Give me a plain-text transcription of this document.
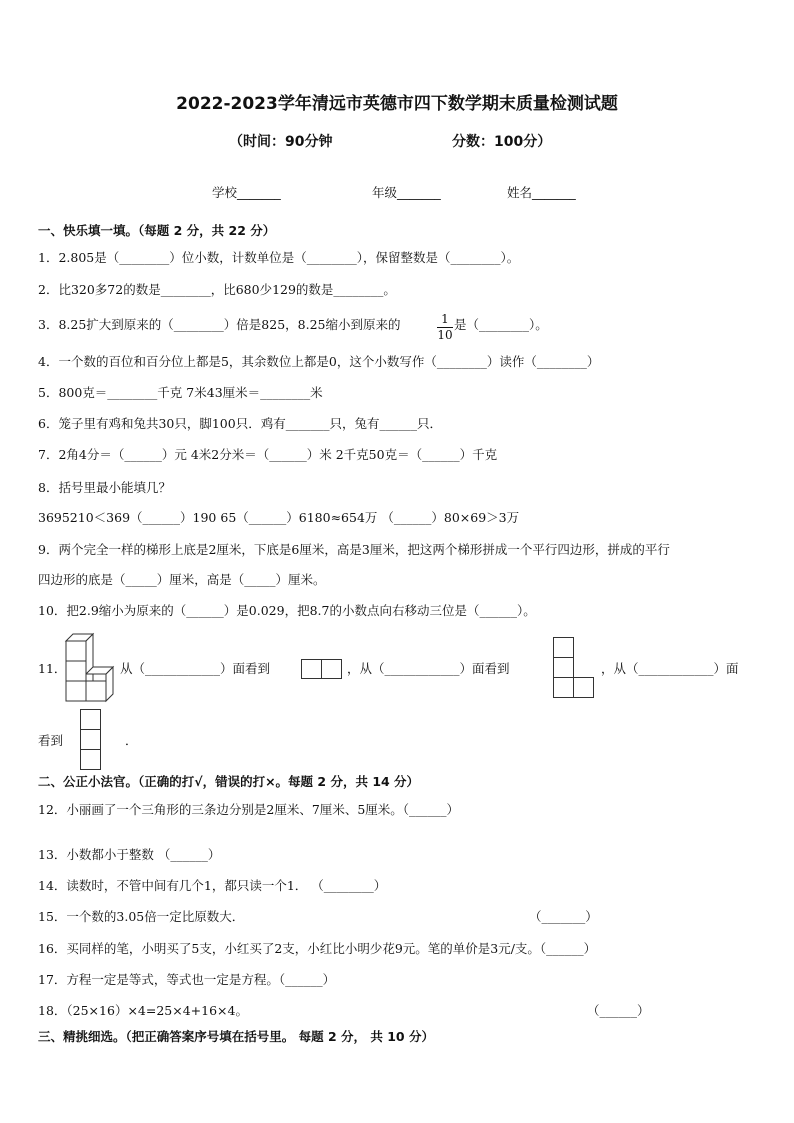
2022-2023学年清远市英德市四下数学期末质量检测试题
（时间：90分钟	分数：100分）
学校_______	年级_______	姓名_______
一、快乐填一填。（每题 2 分，共 22 分）
1．2.805是（________）位小数，计数单位是（________），保留整数是（________）。
2．比320多72的数是________，比680少129的数是________。
3．8.25扩大到原来的（________）倍是825，8.25缩小到原来的	1
10
是（________）。
4．一个数的百位和百分位上都是5，其余数位上都是0，这个小数写作（________）读作（________）
5．800克＝________千克 7米43厘米＝________米
6．笼子里有鸡和兔共30只，脚100只．鸡有_______只，兔有______只．
7．2角4分＝（______）元 4米2分米＝（______）米 2千克50克＝（______）千克
8．括号里最小能填几？
3695210＜369（______）190 65（______）6180≈654万 （______）80×69＞3万
9．两个完全一样的梯形上底是2厘米，下底是6厘米，高是3厘米，把这两个梯形拼成一个平行四边形，拼成的平行
四边形的底是（_____）厘米，高是（_____）厘米。
10．把2.9缩小为原来的（______）是0.029，把8.7的小数点向右移动三位是（______）。
11．	从（____________）面看到	，从（____________）面看到	，从（____________）面
看到	．
二、公正小法官。（正确的打√，错误的打×。每题 2 分，共 14 分）
12．小丽画了一个三角形的三条边分别是2厘米、7厘米、5厘米。（______）
13．小数都小于整数 （______）
14．读数时，不管中间有几个1，都只读一个1． （________）
15．一个数的3.05倍一定比原数大．	（_______）
16．买同样的笔，小明买了5支，小红买了2支，小红比小明少花9元。笔的单价是3元/支。（______）
17．方程一定是等式，等式也一定是方程。（______）
18．（25×16）×4=25×4+16×4。	（______）
三、精挑细选。（把正确答案序号填在括号里。 每题 2 分， 共 10 分）
